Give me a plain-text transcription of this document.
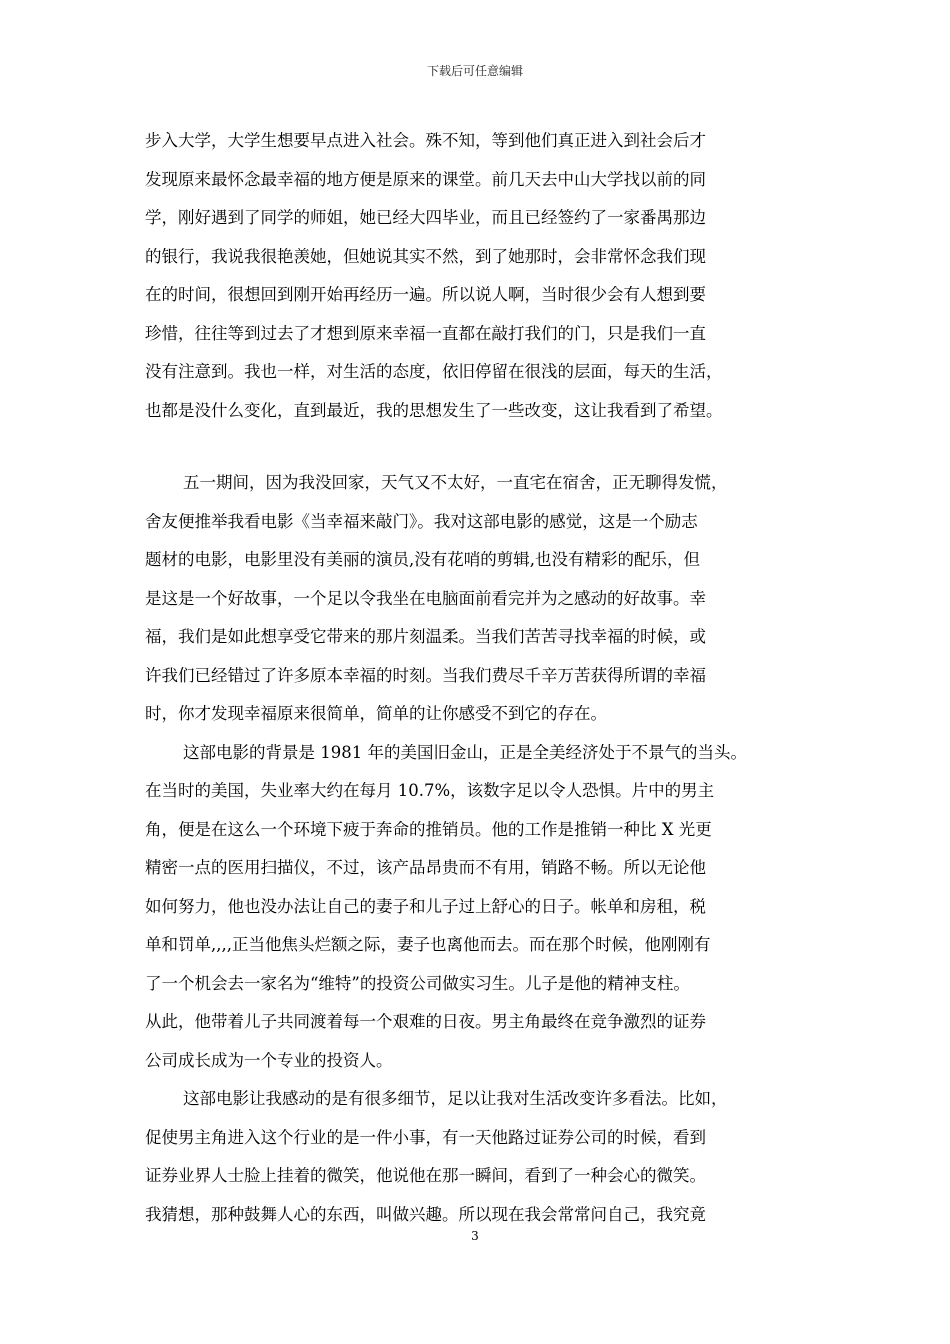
下载后可任意编辑
步入大学，大学生想要早点进入社会。殊不知，等到他们真正进入到社会后才
发现原来最怀念最幸福的地方便是原来的课堂。前几天去中山大学找以前的同
学，刚好遇到了同学的师姐，她已经大四毕业，而且已经签约了一家番禺那边
的银行，我说我很艳羡她，但她说其实不然，到了她那时，会非常怀念我们现
在的时间，很想回到刚开始再经历一遍。所以说人啊，当时很少会有人想到要
珍惜，往往等到过去了才想到原来幸福一直都在敲打我们的门，只是我们一直
没有注意到。我也一样，对生活的态度，依旧停留在很浅的层面，每天的生活，
也都是没什么变化，直到最近，我的思想发生了一些改变，这让我看到了希望。
五一期间，因为我没回家，天气又不太好，一直宅在宿舍，正无聊得发慌，
舍友便推举我看电影《当幸福来敲门》。我对这部电影的感觉，这是一个励志
题材的电影，电影里没有美丽的演员,没有花哨的剪辑,也没有精彩的配乐，但
是这是一个好故事，一个足以令我坐在电脑面前看完并为之感动的好故事。幸
福，我们是如此想享受它带来的那片刻温柔。当我们苦苦寻找幸福的时候，或
许我们已经错过了许多原本幸福的时刻。当我们费尽千辛万苦获得所谓的幸福
时，你才发现幸福原来很简单，简单的让你感受不到它的存在。
这部电影的背景是 1981 年的美国旧金山，正是全美经济处于不景气的当头。
在当时的美国，失业率大约在每月 10.7%，该数字足以令人恐惧。片中的男主
角，便是在这么一个环境下疲于奔命的推销员。他的工作是推销一种比 X 光更
精密一点的医用扫描仪，不过，该产品昂贵而不有用，销路不畅。所以无论他
如何努力，他也没办法让自己的妻子和儿子过上舒心的日子。帐单和房租，税
单和罚单,,,,正当他焦头烂额之际，妻子也离他而去。而在那个时候，他刚刚有
了一个机会去一家名为“维特”的投资公司做实习生。儿子是他的精神支柱。
从此，他带着儿子共同渡着每一个艰难的日夜。男主角最终在竞争激烈的证券
公司成长成为一个专业的投资人。
这部电影让我感动的是有很多细节，足以让我对生活改变许多看法。比如，
促使男主角进入这个行业的是一件小事，有一天他路过证券公司的时候，看到
证券业界人士脸上挂着的微笑，他说他在那一瞬间，看到了一种会心的微笑。
我猜想，那种鼓舞人心的东西，叫做兴趣。所以现在我会常常问自己，我究竟
3
